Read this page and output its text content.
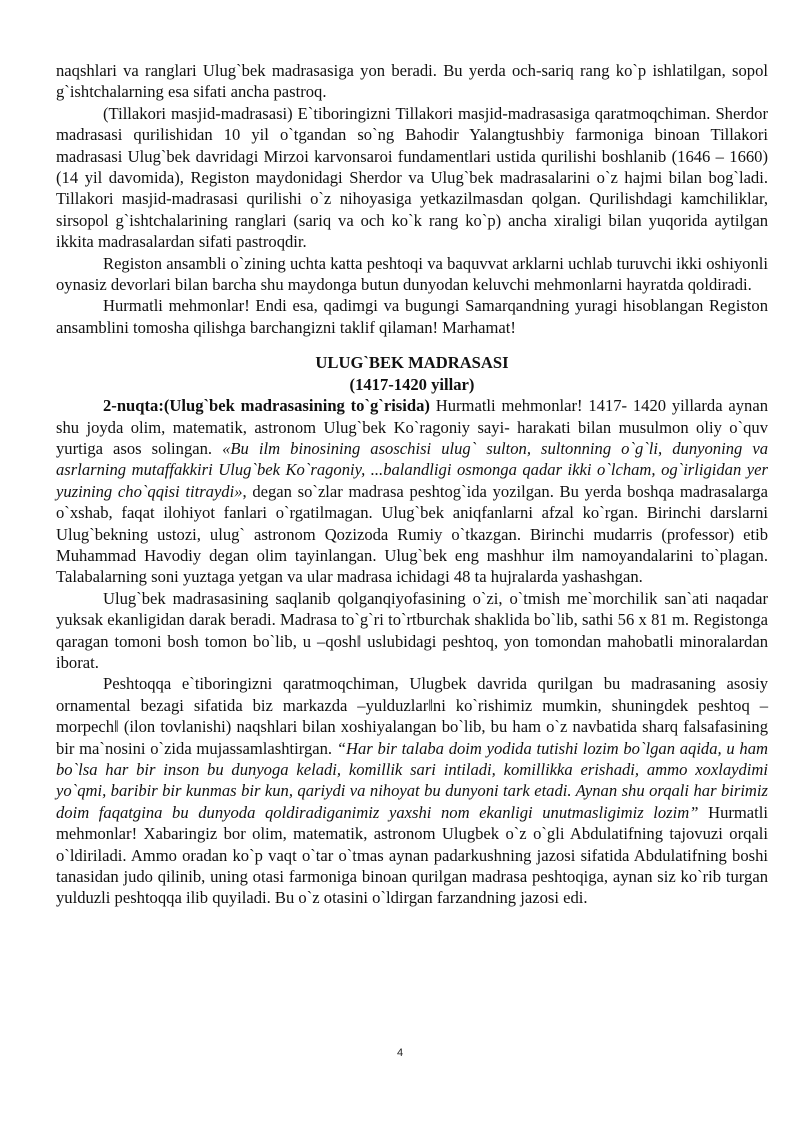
naqshlari va ranglari Ulug`bek madrasasiga yon beradi. Bu yerda och-sariq rang ko`p ishlatilgan, sopol g`ishtchalarning esa sifati ancha pastroq.

(Tillakori masjid-madrasasi) E`tiboringizni Tillakori masjid-madrasasiga qaratmoqchiman. Sherdor madrasasi qurilishidan 10 yil o`tgandan so`ng Bahodir Yalangtushbiy farmoniga binoan Tillakori madrasasi Ulug`bek davridagi Mirzoi karvonsaroi fundamentlari ustida qurilishi boshlanib (1646 – 1660) (14 yil davomida), Registon maydonidagi Sherdor va Ulug`bek madrasalarini o`z hajmi bilan bog`ladi. Tillakori masjid-madrasasi qurilishi o`z nihoyasiga yetkazilmasdan qolgan. Qurilishdagi kamchiliklar, sirsopol g`ishtchalarining ranglari (sariq va och ko`k rang ko`p) ancha xiraligi bilan yuqorida aytilgan ikkita madrasalardan sifati pastroqdir.

Registon ansambli o`zining uchta katta peshtoqi va baquvvat arklarni uchlab turuvchi ikki oshiyonli oynasiz devorlari bilan barcha shu maydonga butun dunyodan keluvchi mehmonlarni hayratda qoldiradi.

Hurmatli mehmonlar! Endi esa, qadimgi va bugungi Samarqandning yuragi hisoblangan Registon ansamblini tomosha qilishga barchangizni taklif qilaman! Marhamat!

ULUG`BEK MADRASASI

(1417-1420 yillar)

2-nuqta:(Ulug`bek madrasasining to`g`risida) Hurmatli mehmonlar! 1417- 1420 yillarda aynan shu joyda olim, matematik, astronom Ulug`bek Ko`ragoniy sayi- harakati bilan musulmon oliy o`quv yurtiga asos solingan. «Bu ilm binosining asoschisi ulug` sulton, sultonning o`g`li, dunyoning va asrlarning mutaffakkiri Ulug`bek Ko`ragoniy, ...balandligi osmonga qadar ikki o`lcham, og`irligidan yer yuzining cho`qqisi titraydi», degan so`zlar madrasa peshtog`ida yozilgan. Bu yerda boshqa madrasalarga o`xshab, faqat ilohiyot fanlari o`rgatilmagan. Ulug`bek aniqfanlarni afzal ko`rgan. Birinchi darslarni Ulug`bekning ustozi, ulug` astronom Qozizoda Rumiy o`tkazgan. Birinchi mudarris (professor) etib Muhammad Havodiy degan olim tayinlangan. Ulug`bek eng mashhur ilm namoyandalarini to`plagan. Talabalarning soni yuztaga yetgan va ular madrasa ichidagi 48 ta hujralarda yashashgan.

Ulug`bek madrasasining saqlanib qolganqiyofasining o`zi, o`tmish me`morchilik san`ati naqadar yuksak ekanligidan darak beradi. Madrasa to`g`ri to`rtburchak shaklida bo`lib, sathi 56 x 81 m. Registonga qaragan tomoni bosh tomon bo`lib, u –qoshǁ uslubidagi peshtoq, yon tomondan mahobatli minoralardan iborat.

Peshtoqqa e`tiboringizni qaratmoqchiman, Ulugbek davrida qurilgan bu madrasaning asosiy ornamental bezagi sifatida biz markazda –yulduzlarǁni ko`rishimiz mumkin, shuningdek peshtoq –morpechǁ (ilon tovlanishi) naqshlari bilan xoshiyalangan bo`lib, bu ham o`z navbatida sharq falsafasining bir ma`nosini o`zida mujassamlashtirgan. “Har bir talaba doim yodida tutishi lozim bo`lgan aqida, u ham bo`lsa har bir inson bu dunyoga keladi, komillik sari intiladi, komillikka erishadi, ammo xoxlaydimi yo`qmi, baribir bir kunmas bir kun, qariydi va nihoyat bu dunyoni tark etadi. Aynan shu orqali har birimiz doim faqatgina bu dunyoda qoldiradiganimiz yaxshi nom ekanligi unutmasligimiz lozim” Hurmatli mehmonlar! Xabaringiz bor olim, matematik, astronom Ulugbek o`z o`gli Abdulatifning tajovuzi orqali o`ldiriladi. Ammo oradan ko`p vaqt o`tar o`tmas aynan padarkushning jazosi sifatida Abdulatifning boshi tanasidan judo qilinib, uning otasi farmoniga binoan qurilgan madrasa peshtoqiga, aynan siz ko`rib turgan yulduzli peshtoqqa ilib quyiladi. Bu o`z otasini o`ldirgan farzandning jazosi edi.

4
